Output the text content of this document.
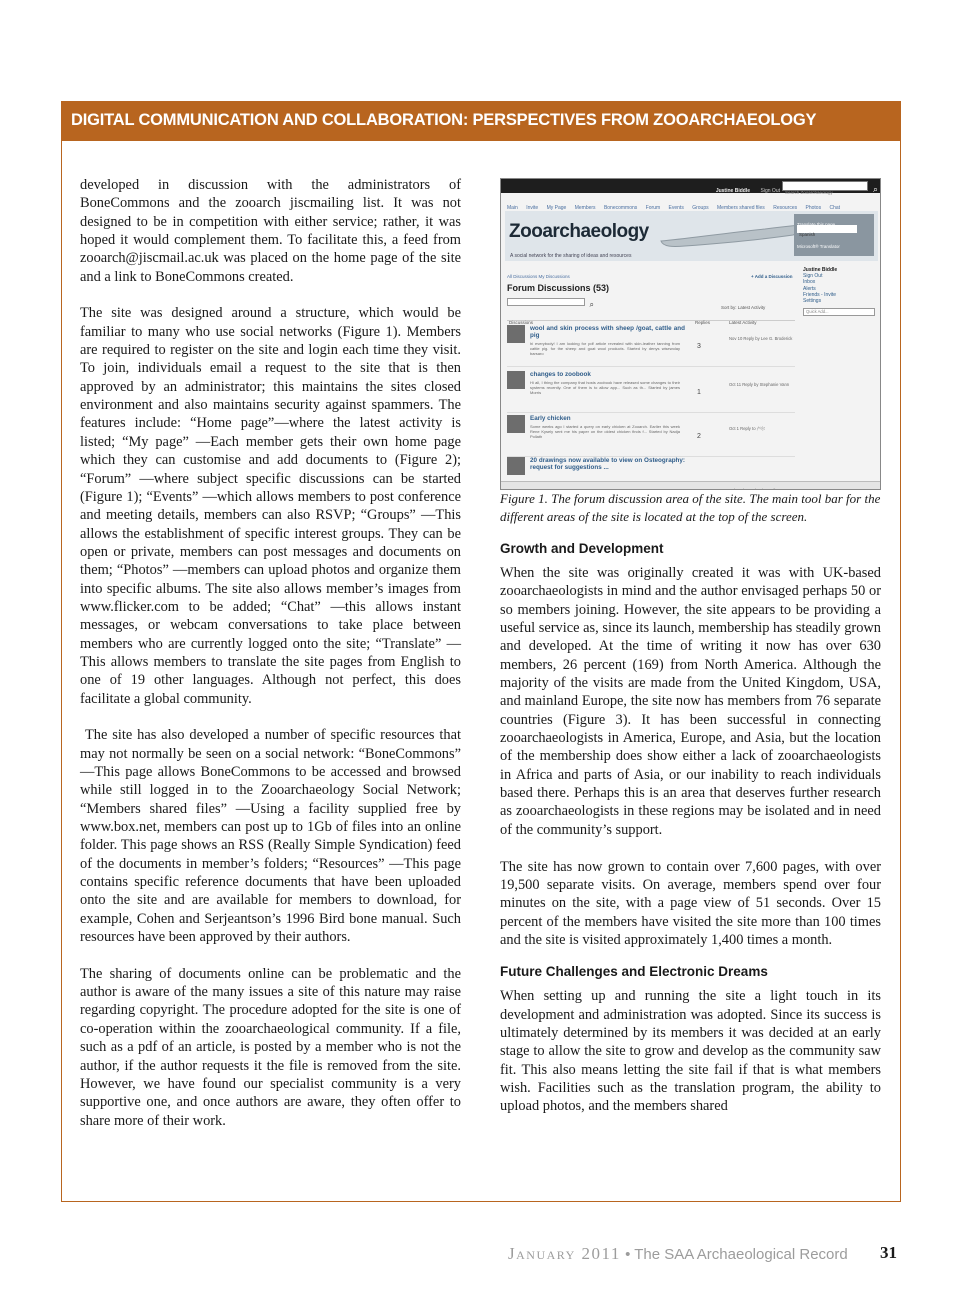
DIGITAL COMMUNICATION AND COLLABORATION: PERSPECTIVES FROM ZOOARCHAEOLOGY

developed in discussion with the administrators of BoneCommons and the zooarch jiscmailing list. It was not designed to be in competition with either service; rather, it was hoped it would complement them. To facilitate this, a feed from zooarch@jiscmail.ac.uk was placed on the home page of the site and a link to BoneCommons created.

The site was designed around a structure, which would be familiar to many who use social networks (Figure 1). Members are required to register on the site and login each time they visit. To join, individuals email a request to the site that is then approved by an administrator; this maintains the sites closed environment and also maintains security against spammers. The features include: “Home page”—where the latest activity is listed; “My page” —Each member gets their own home page which they can customise and add documents to (Figure 2); “Forum” —where subject specific discussions can be started (Figure 1); “Events” —which allows members to post conference and meeting details, members can also RSVP; “Groups” —This allows the establishment of specific interest groups. They can be open or private, members can post messages and documents on them; “Photos” —members can upload photos and organize them into specific albums. The site also allows member’s images from www.flicker.com to be added; “Chat” —this allows instant messages, or webcam conversations to take place between members who are currently logged onto the site; “Translate” —This allows members to translate the site pages from English to one of 19 other languages. Although not perfect, this does facilitate a global community.

The site has also developed a number of specific resources that may not normally be seen on a social network: “BoneCommons” —This page allows BoneCommons to be accessed and browsed while still logged in to the Zooarchaeology Social Network; “Members shared files” —Using a facility supplied free by www.box.net, members can post up to 1Gb of files into an online folder. This page shows an RSS (Really Simple Syndication) feed of the documents in member’s folders; “Resources” —This page contains specific reference documents that have been uploaded onto the site and are available for members to download, for example, Cohen and Serjeantson’s 1996 Bird bone manual. Such resources have been approved by their authors.

The sharing of documents online can be problematic and the author is aware of the many issues a site of this nature may raise regarding copyright. The procedure adopted for the site is one of co-operation within the zooarchaeological community. If a file, such as a pdf of an article, is posted by a member who is not the author, if the author requests it the file is removed from the site. However, we have found our specialist community is a very supportive one, and once authors are aware, they often offer to share more of their work.

Justine Biddle Sign Out	Search Zooarchaeology	⌕
Main Invite My Page Members Bonecommons Forum Events Groups Members shared files Resources Photos Chat
Zooarchaeology
A social network for the sharing of ideas and resources
Spanish
Microsoft® Translator
All Discussions My Discussions	+ Add a Discussion
Forum Discussions (53)
Justine Biddle
Sign Out
Inbox
Alerts
Friends - Invite
Settings
Quick Add...
⌕	Sort by: Latest Activity
Discussions	Replies	Latest Activity
wool and skin process with sheep /goat, cattle and pig
hi everybody! I am looking for pdf article revealed with skin-leather tanning from cattle pig. for the sheep and goat wool products. Started by denys wisewolay barsaro
3
Nov 10 Reply by Lee G. Broderick
changes to zoobook
Hi all, I thing the company that hosts zoobook have released some changes to their systems recently. One of them is to allow app... Such as th... Started by james Morris	1
Oct 11 Reply by Stephanie Vann
Early chicken
Some weeks ago I started a query on early chicken at Zooarch. Earlier this week Rene Kysely sent me his paper on the oldest chicken finds f... Started by Nadja Pollath	2
Oct 1 Reply to 卢尔
20 drawings now available to view on Osteography: request for suggestions ...

Figure 1. The forum discussion area of the site. The main tool bar for the different areas of the site is located at the top of the screen.

Growth and Development

When the site was originally created it was with UK-based zooarchaeologists in mind and the author envisaged perhaps 50 or so members joining. However, the site appears to be providing a useful service as, since its launch, membership has steadily grown and developed. At the time of writing it now has over 630 members, 26 percent (169) from North America. Although the majority of the visits are made from the United Kingdom, USA, and mainland Europe, the site now has members from 76 separate countries (Figure 3). It has been successful in connecting zooarchaeologists in America, Europe, and Asia, but the location of the membership does show either a lack of zooarchaeologists in Africa and parts of Asia, or our inability to reach individuals based there. Perhaps this is an area that deserves further research as zooarchaeologists in these regions may be isolated and in need of the community’s support.

The site has now grown to contain over 7,600 pages, with over 19,500 separate visits. On average, members spend over four minutes on the site, with a page view of 51 seconds. Over 15 percent of the members have visited the site more than 100 times and the site is visited approximately 1,400 times a month.

Future Challenges and Electronic Dreams

When setting up and running the site a light touch in its development and administration was adopted. Since its success is ultimately determined by its members it was decided at an early stage to allow the site to grow and develop as the community saw fit. This also means letting the site fail if that is what members wish. Facilities such as the translation program, the ability to upload photos, and the members shared

January 2011 • The SAA Archaeological Record 31
